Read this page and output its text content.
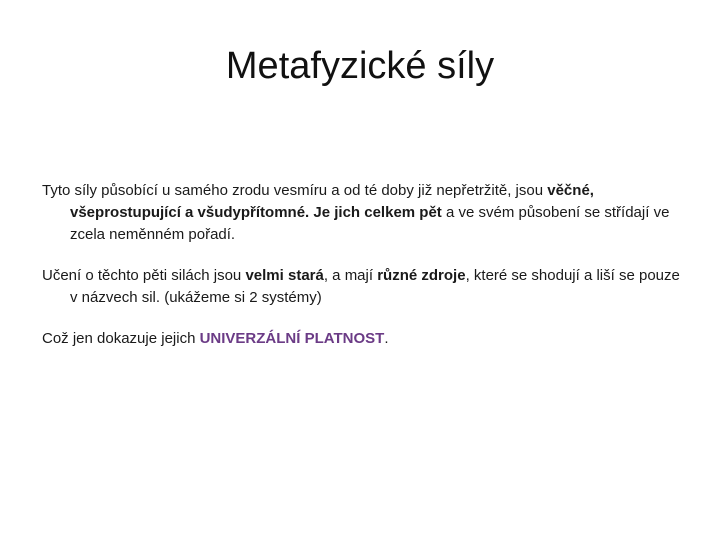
Metafyzické síly

Tyto síly působící u samého zrodu vesmíru a od té doby již nepřetržitě, jsou věčné, všeprostupující a všudypřítomné. Je jich celkem pět a ve svém působení se střídají ve zcela neměnném pořadí.

Učení o těchto pěti silách jsou velmi stará, a mají různé zdroje, které se shodují a liší se pouze v názvech sil. (ukážeme si 2 systémy)

Což jen dokazuje jejich UNIVERZÁLNÍ PLATNOST.
